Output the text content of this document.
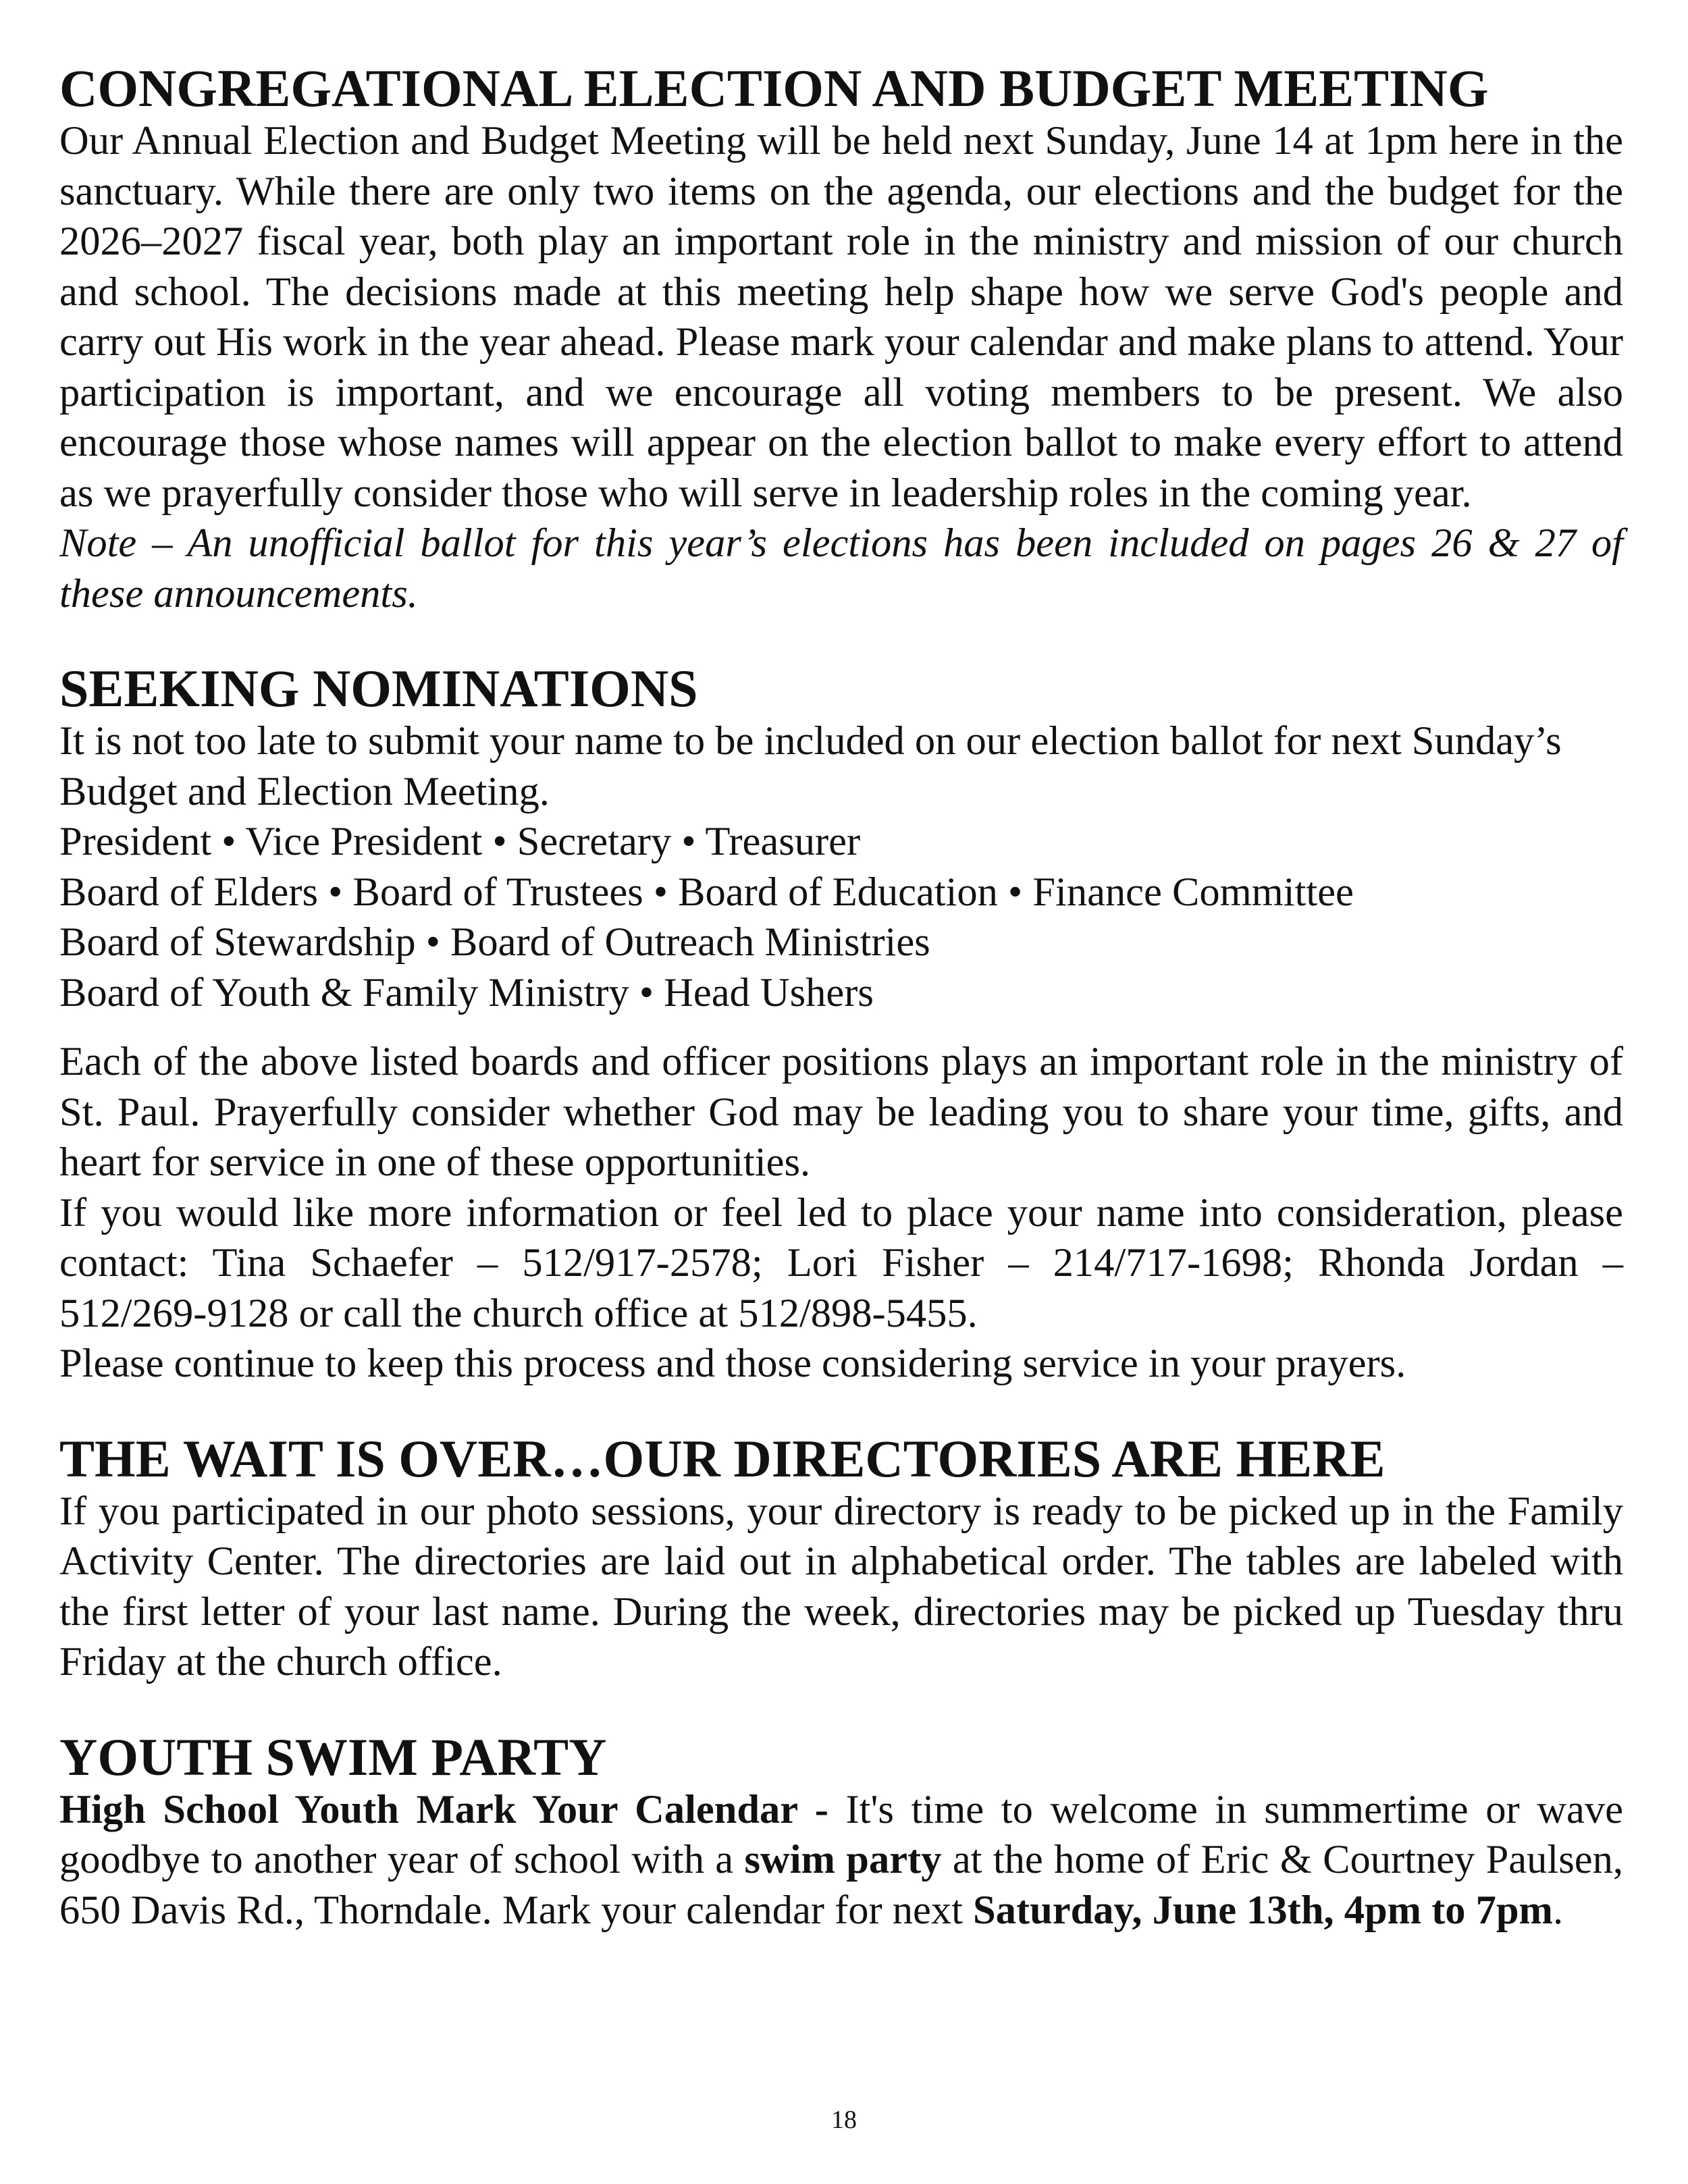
CONGREGATIONAL ELECTION AND BUDGET MEETING

Our Annual Election and Budget Meeting will be held next Sunday, June 14 at 1pm here in the sanctuary. While there are only two items on the agenda, our elections and the budget for the 2026–2027 fiscal year, both play an important role in the ministry and mission of our church and school. The decisions made at this meeting help shape how we serve God's people and carry out His work in the year ahead. Please mark your calendar and make plans to attend. Your participation is important, and we encourage all voting members to be present. We also encourage those whose names will appear on the election ballot to make every effort to attend as we prayerfully consider those who will serve in leadership roles in the coming year.

Note – An unofficial ballot for this year’s elections has been included on pages 26 & 27 of these announcements.

SEEKING NOMINATIONS

It is not too late to submit your name to be included on our election ballot for next Sunday’s Budget and Election Meeting.

President • Vice President • Secretary • Treasurer

Board of Elders • Board of Trustees • Board of Education • Finance Committee

Board of Stewardship • Board of Outreach Ministries

Board of Youth & Family Ministry • Head Ushers

Each of the above listed boards and officer positions plays an important role in the ministry of St. Paul. Prayerfully consider whether God may be leading you to share your time, gifts, and heart for service in one of these opportunities.

If you would like more information or feel led to place your name into consideration, please contact: Tina Schaefer – 512/917-2578; Lori Fisher – 214/717-1698; Rhonda Jordan – 512/269-9128 or call the church office at 512/898-5455.

Please continue to keep this process and those considering service in your prayers.

THE WAIT IS OVER…OUR DIRECTORIES ARE HERE

If you participated in our photo sessions, your directory is ready to be picked up in the Family Activity Center. The directories are laid out in alphabetical order. The tables are labeled with the first letter of your last name. During the week, directories may be picked up Tuesday thru Friday at the church office.

YOUTH SWIM PARTY

High School Youth Mark Your Calendar - It's time to welcome in summertime or wave goodbye to another year of school with a swim party at the home of Eric & Courtney Paulsen, 650 Davis Rd., Thorndale. Mark your calendar for next Saturday, June 13th, 4pm to 7pm.

18
